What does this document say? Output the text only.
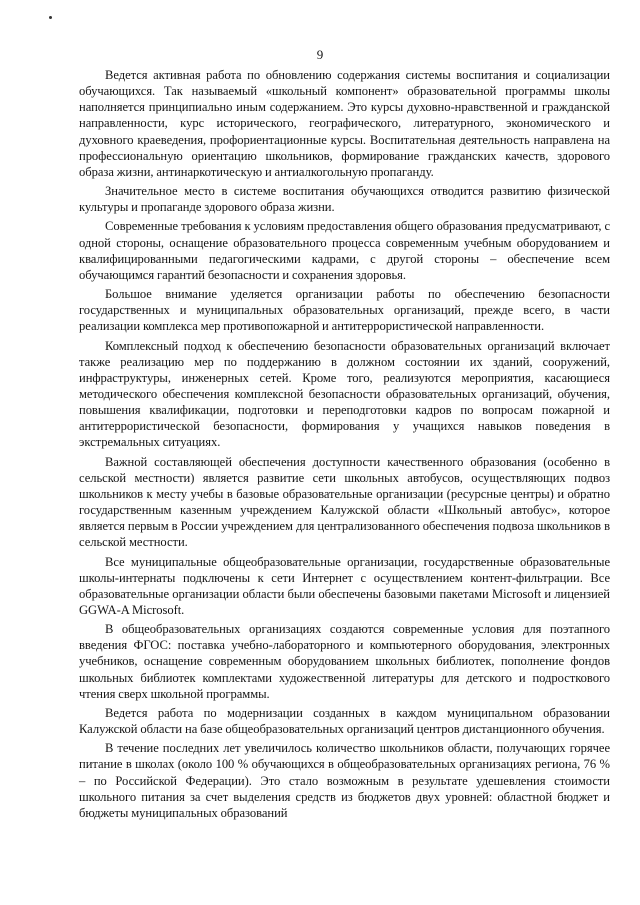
9

Ведется активная работа по обновлению содержания системы воспитания и социализации обучающихся. Так называемый «школьный компонент» образовательной программы школы наполняется принципиально иным содержанием. Это курсы духовно-нравственной и гражданской направленности, курс исторического, географического, литературного, экономического и духовного краеведения, профориентационные курсы. Воспитательная деятельность направлена на профессиональную ориентацию школьников, формирование гражданских качеств, здорового образа жизни, антинаркотическую и антиалкогольную пропаганду.

Значительное место в системе воспитания обучающихся отводится развитию физической культуры и пропаганде здорового образа жизни.

Современные требования к условиям предоставления общего образования предусматривают, с одной стороны, оснащение образовательного процесса современным учебным оборудованием и квалифицированными педагогическими кадрами, с другой стороны – обеспечение всем обучающимся гарантий безопасности и сохранения здоровья.

Большое внимание уделяется организации работы по обеспечению безопасности государственных и муниципальных образовательных организаций, прежде всего, в части реализации комплекса мер противопожарной и антитеррористической направленности.

Комплексный подход к обеспечению безопасности образовательных организаций включает также реализацию мер по поддержанию в должном состоянии их зданий, сооружений, инфраструктуры, инженерных сетей. Кроме того, реализуются мероприятия, касающиеся методического обеспечения комплексной безопасности образовательных организаций, обучения, повышения квалификации, подготовки и переподготовки кадров по вопросам пожарной и антитеррористической безопасности, формирования у учащихся навыков поведения в экстремальных ситуациях.

Важной составляющей обеспечения доступности качественного образования (особенно в сельской местности) является развитие сети школьных автобусов, осуществляющих подвоз школьников к месту учебы в базовые образовательные организации (ресурсные центры) и обратно государственным казенным учреждением Калужской области «Школьный автобус», которое является первым в России учреждением для централизованного обеспечения подвоза школьников в сельской местности.

Все муниципальные общеобразовательные организации, государственные образовательные школы-интернаты подключены к сети Интернет с осуществлением контент-фильтрации. Все образовательные организации области были обеспечены базовыми пакетами Microsoft и лицензией GGWA-A Microsoft.

В общеобразовательных организациях создаются современные условия для поэтапного введения ФГОС: поставка учебно-лабораторного и компьютерного оборудования, электронных учебников, оснащение современным оборудованием школьных библиотек, пополнение фондов школьных библиотек комплектами художественной литературы для детского и подросткового чтения сверх школьной программы.

Ведется работа по модернизации созданных в каждом муниципальном образовании Калужской области на базе общеобразовательных организаций центров дистанционного обучения.

В течение последних лет увеличилось количество школьников области, получающих горячее питание в школах (около 100 % обучающихся в общеобразовательных организациях региона, 76 % – по Российской Федерации). Это стало возможным в результате удешевления стоимости школьного питания за счет выделения средств из бюджетов двух уровней: областной бюджет и бюджеты муниципальных образований
